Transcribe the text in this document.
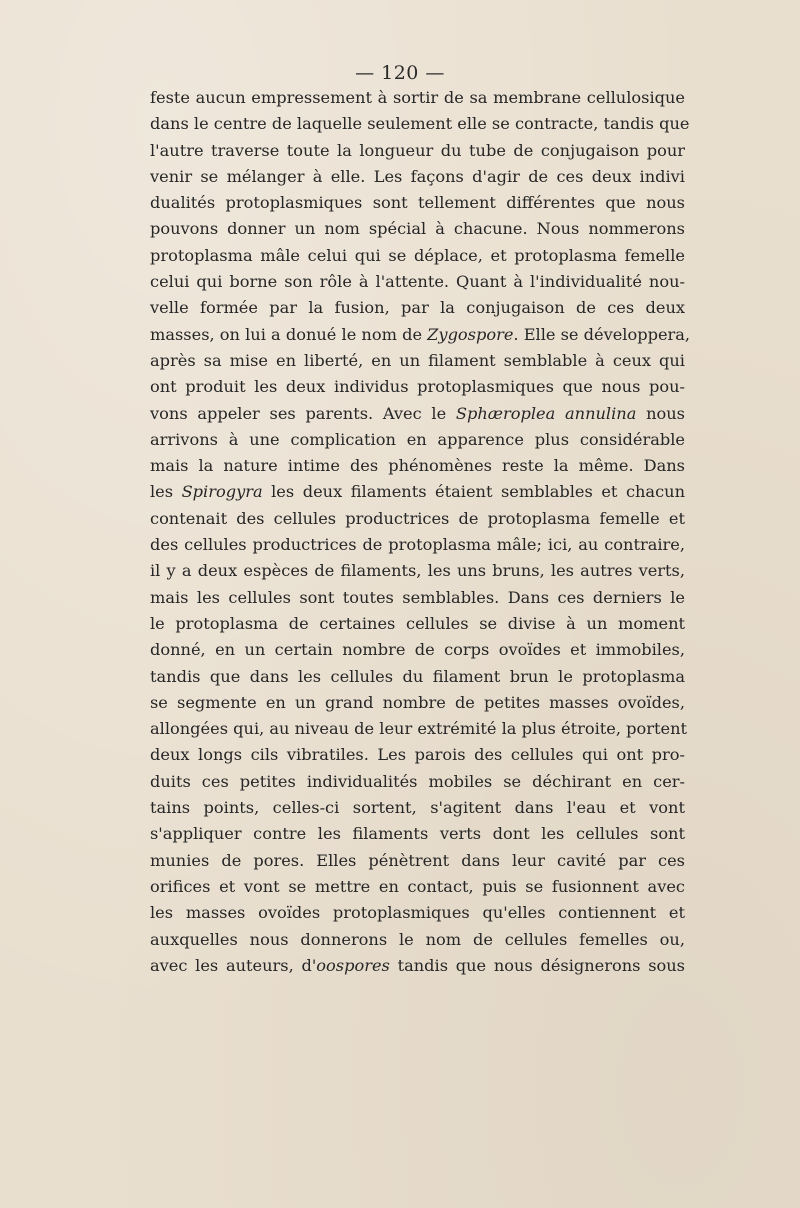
— 120 —
feste aucun empressement à sortir de sa membrane cellulosique
dans le centre de laquelle seulement elle se contracte, tandis que
l'autre traverse toute la longueur du tube de conjugaison pour
venir se mélanger à elle. Les façons d'agir de ces deux indivi
dualités protoplasmiques sont tellement différentes que nous
pouvons donner un nom spécial à chacune. Nous nommerons
protoplasma mâle celui qui se déplace, et protoplasma femelle
celui qui borne son rôle à l'attente. Quant à l'individualité nou-
velle formée par la fusion, par la conjugaison de ces deux
masses, on lui a donué le nom de Zygospore. Elle se développera,
après sa mise en liberté, en un filament semblable à ceux qui
ont produit les deux individus protoplasmiques que nous pou-
vons appeler ses parents. Avec le Sphæroplea annulina nous
arrivons à une complication en apparence plus considérable
mais la nature intime des phénomènes reste la même. Dans
les Spirogyra les deux filaments étaient semblables et chacun
contenait des cellules productrices de protoplasma femelle et
des cellules productrices de protoplasma mâle; ici, au contraire,
il y a deux espèces de filaments, les uns bruns, les autres verts,
mais les cellules sont toutes semblables. Dans ces derniers le
le protoplasma de certaines cellules se divise à un moment
donné, en un certain nombre de corps ovoïdes et immobiles,
tandis que dans les cellules du filament brun le protoplasma
se segmente en un grand nombre de petites masses ovoïdes,
allongées qui, au niveau de leur extrémité la plus étroite, portent
deux longs cils vibratiles. Les parois des cellules qui ont pro-
duits ces petites individualités mobiles se déchirant en cer-
tains points, celles-ci sortent, s'agitent dans l'eau et vont
s'appliquer contre les filaments verts dont les cellules sont
munies de pores. Elles pénètrent dans leur cavité par ces
orifices et vont se mettre en contact, puis se fusionnent avec
les masses ovoïdes protoplasmiques qu'elles contiennent et
auxquelles nous donnerons le nom de cellules femelles ou,
avec les auteurs, d'oospores tandis que nous désignerons sous
